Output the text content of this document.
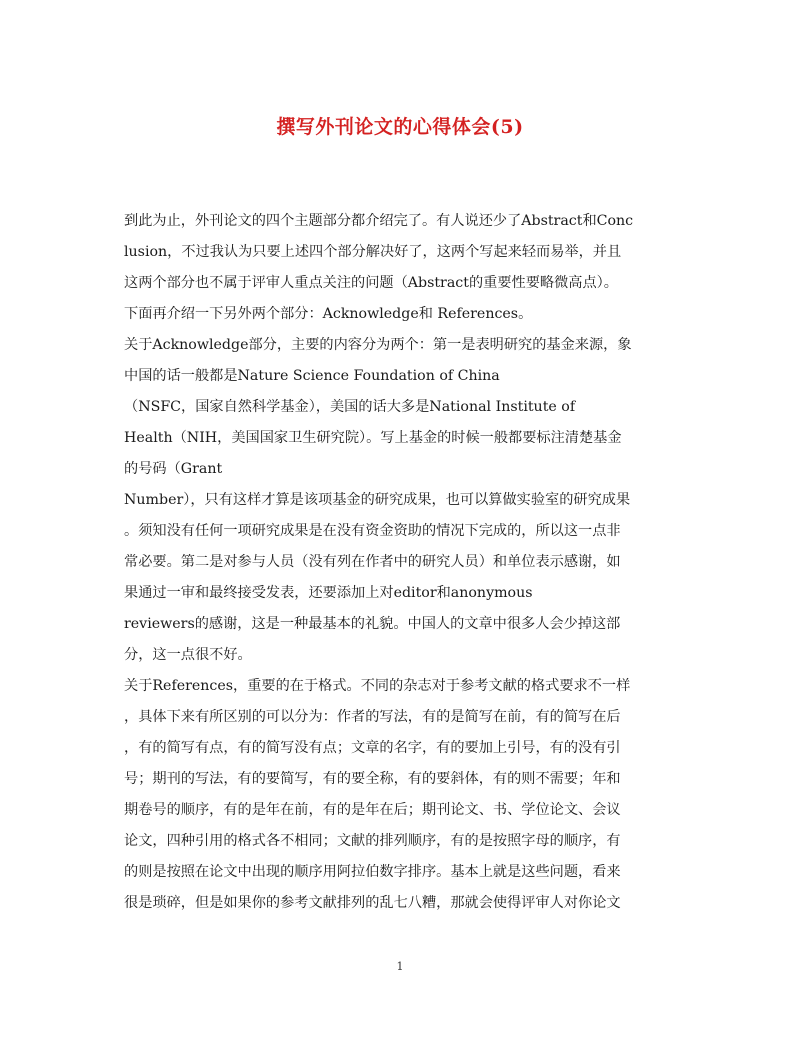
撰写外刊论文的心得体会(5)
到此为止，外刊论文的四个主题部分都介绍完了。有人说还少了Abstract和Conc
lusion，不过我认为只要上述四个部分解决好了，这两个写起来轻而易举，并且
这两个部分也不属于评审人重点关注的问题（Abstract的重要性要略微高点）。
下面再介绍一下另外两个部分：Acknowledge和 References。
关于Acknowledge部分，主要的内容分为两个：第一是表明研究的基金来源，象
中国的话一般都是Nature Science Foundation of China
（NSFC，国家自然科学基金），美国的话大多是National Institute of
Health（NIH，美国国家卫生研究院）。写上基金的时候一般都要标注清楚基金
的号码（Grant
Number），只有这样才算是该项基金的研究成果，也可以算做实验室的研究成果
。须知没有任何一项研究成果是在没有资金资助的情况下完成的，所以这一点非
常必要。第二是对参与人员（没有列在作者中的研究人员）和单位表示感谢，如
果通过一审和最终接受发表，还要添加上对editor和anonymous
reviewers的感谢，这是一种最基本的礼貌。中国人的文章中很多人会少掉这部
分，这一点很不好。
关于References，重要的在于格式。不同的杂志对于参考文献的格式要求不一样
，具体下来有所区别的可以分为：作者的写法，有的是简写在前，有的简写在后
，有的简写有点，有的简写没有点；文章的名字，有的要加上引号，有的没有引
号；期刊的写法，有的要简写，有的要全称，有的要斜体，有的则不需要；年和
期卷号的顺序，有的是年在前，有的是年在后；期刊论文、书、学位论文、会议
论文，四种引用的格式各不相同；文献的排列顺序，有的是按照字母的顺序，有
的则是按照在论文中出现的顺序用阿拉伯数字排序。基本上就是这些问题，看来
很是琐碎，但是如果你的参考文献排列的乱七八糟，那就会使得评审人对你论文
1
